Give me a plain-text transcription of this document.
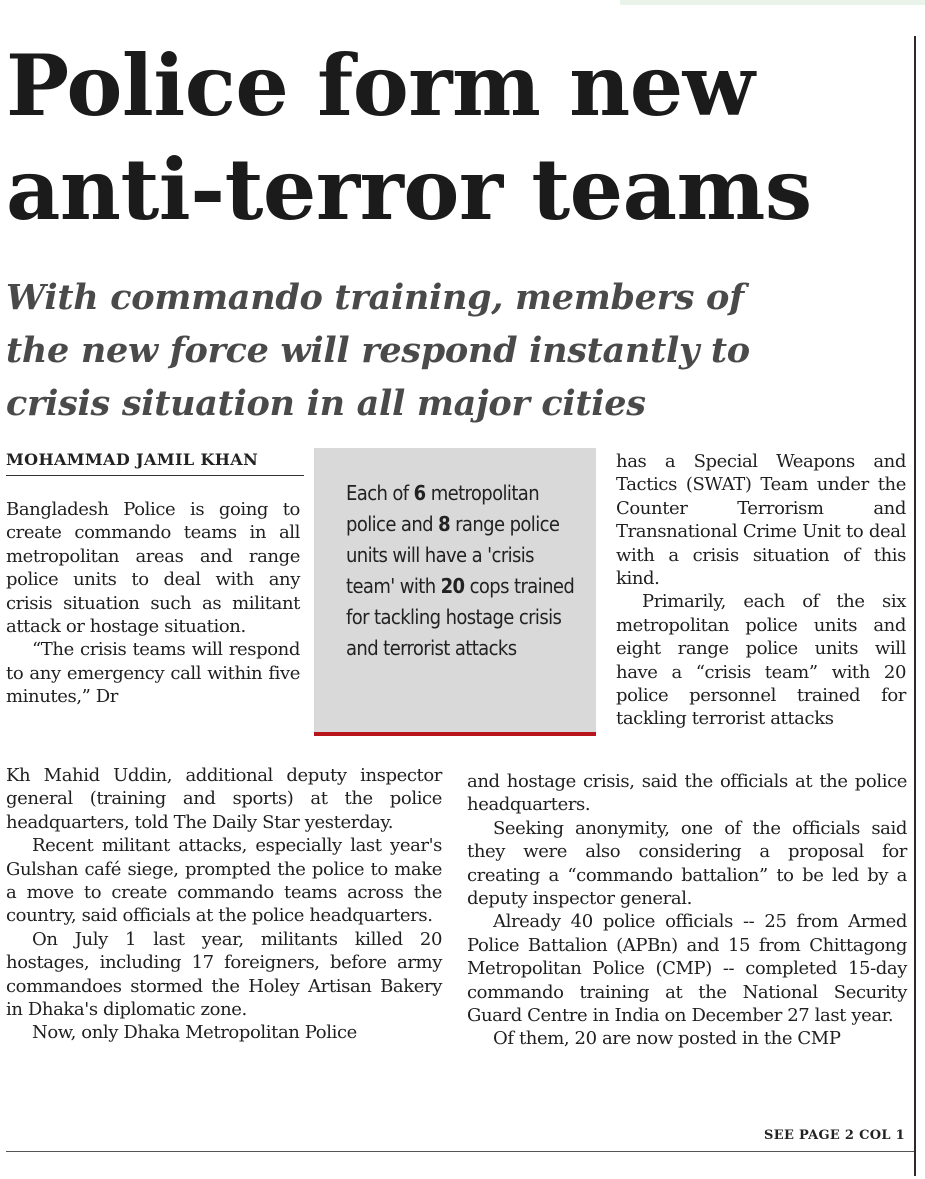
Police form new
anti-terror teams
With commando training, members of
the new force will respond instantly to
crisis situation in all major cities
MOHAMMAD JAMIL KHAN
Each of 6 metropolitan police and 8 range police units will have a 'crisis team' with 20 cops trained for tackling hostage crisis and terrorist attacks

Bangladesh Police is going to create commando teams in all metropolitan areas and range police units to deal with any crisis situation such as militant attack or hostage situation.

“The crisis teams will respond to any emergency call within five minutes,” Dr

Kh Mahid Uddin, additional deputy inspector general (training and sports) at the police headquarters, told The Daily Star yesterday.

Recent militant attacks, especially last year's Gulshan café siege, prompted the police to make a move to create commando teams across the country, said officials at the police headquarters.

On July 1 last year, militants killed 20 hostages, including 17 foreigners, before army commandoes stormed the Holey Artisan Bakery in Dhaka's diplomatic zone.

Now, only Dhaka Metropolitan Police

has a Special Weapons and Tactics (SWAT) Team under the Counter Terrorism and Transnational Crime Unit to deal with a crisis situation of this kind.

Primarily, each of the six metropolitan police units and eight range police units will have a “crisis team” with 20 police personnel trained for tackling terrorist attacks

and hostage crisis, said the officials at the police headquarters.

Seeking anonymity, one of the officials said they were also considering a proposal for creating a “commando battalion” to be led by a deputy inspector general.

Already 40 police officials -- 25 from Armed Police Battalion (APBn) and 15 from Chittagong Metropolitan Police (CMP) -- completed 15-day commando training at the National Security Guard Centre in India on December 27 last year.

Of them, 20 are now posted in the CMP

SEE PAGE 2 COL 1
